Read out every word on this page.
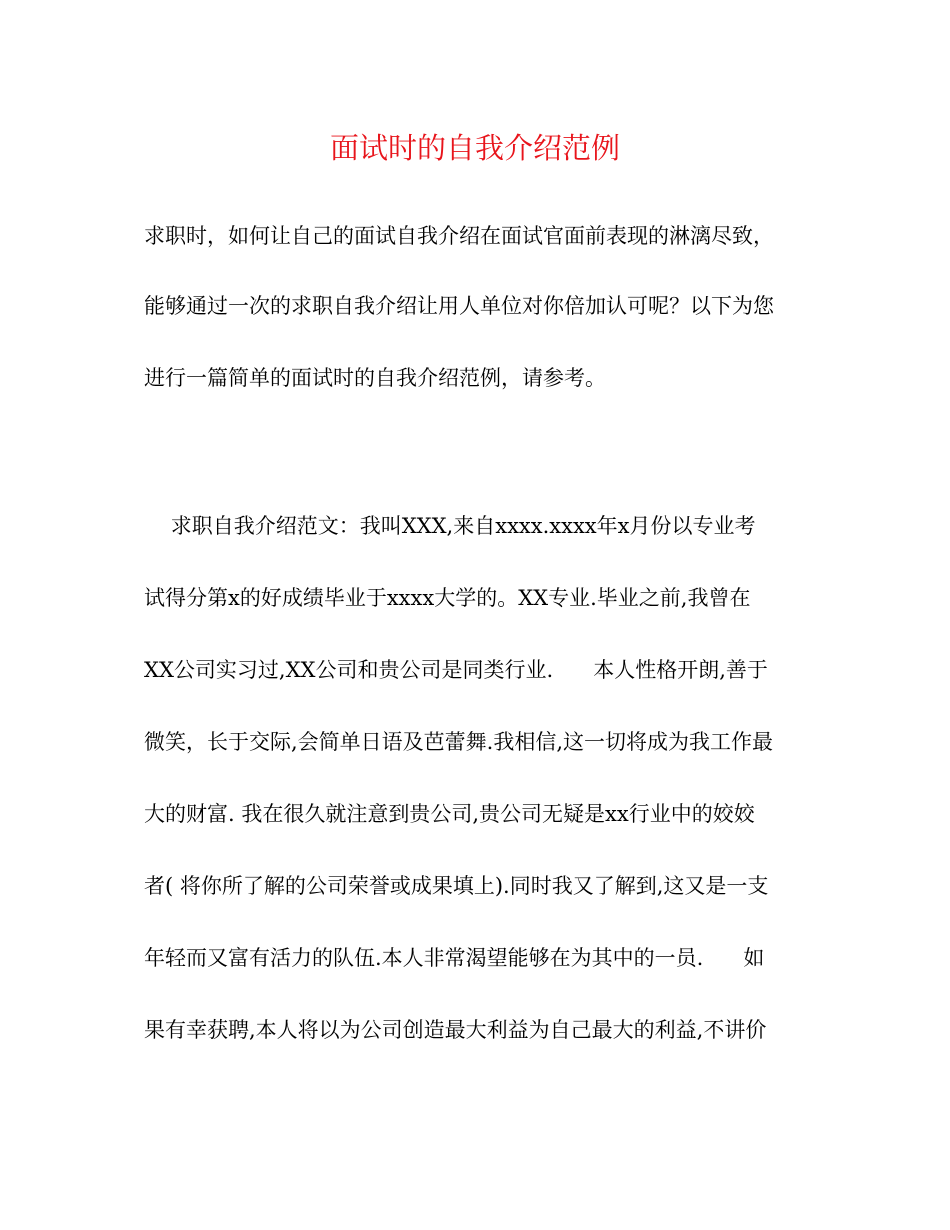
面试时的自我介绍范例

求职时，如何让自己的面试自我介绍在面试官面前表现的淋漓尽致，

能够通过一次的求职自我介绍让用人单位对你倍加认可呢？以下为您

进行一篇简单的面试时的自我介绍范例，请参考。

求职自我介绍范文：我叫XXX,来自xxxx.xxxx年x月份以专业考

试得分第x的好成绩毕业于xxxx大学的。XX专业.毕业之前,我曾在

XX公司实习过,XX公司和贵公司是同类行业.      本人性格开朗,善于

微笑，长于交际,会简单日语及芭蕾舞.我相信,这一切将成为我工作最

大的财富. 我在很久就注意到贵公司,贵公司无疑是xx行业中的姣姣

者( 将你所了解的公司荣誉或成果填上).同时我又了解到,这又是一支

年轻而又富有活力的队伍.本人非常渴望能够在为其中的一员.      如

果有幸获聘,本人将以为公司创造最大利益为自己最大的利益,不讲价
